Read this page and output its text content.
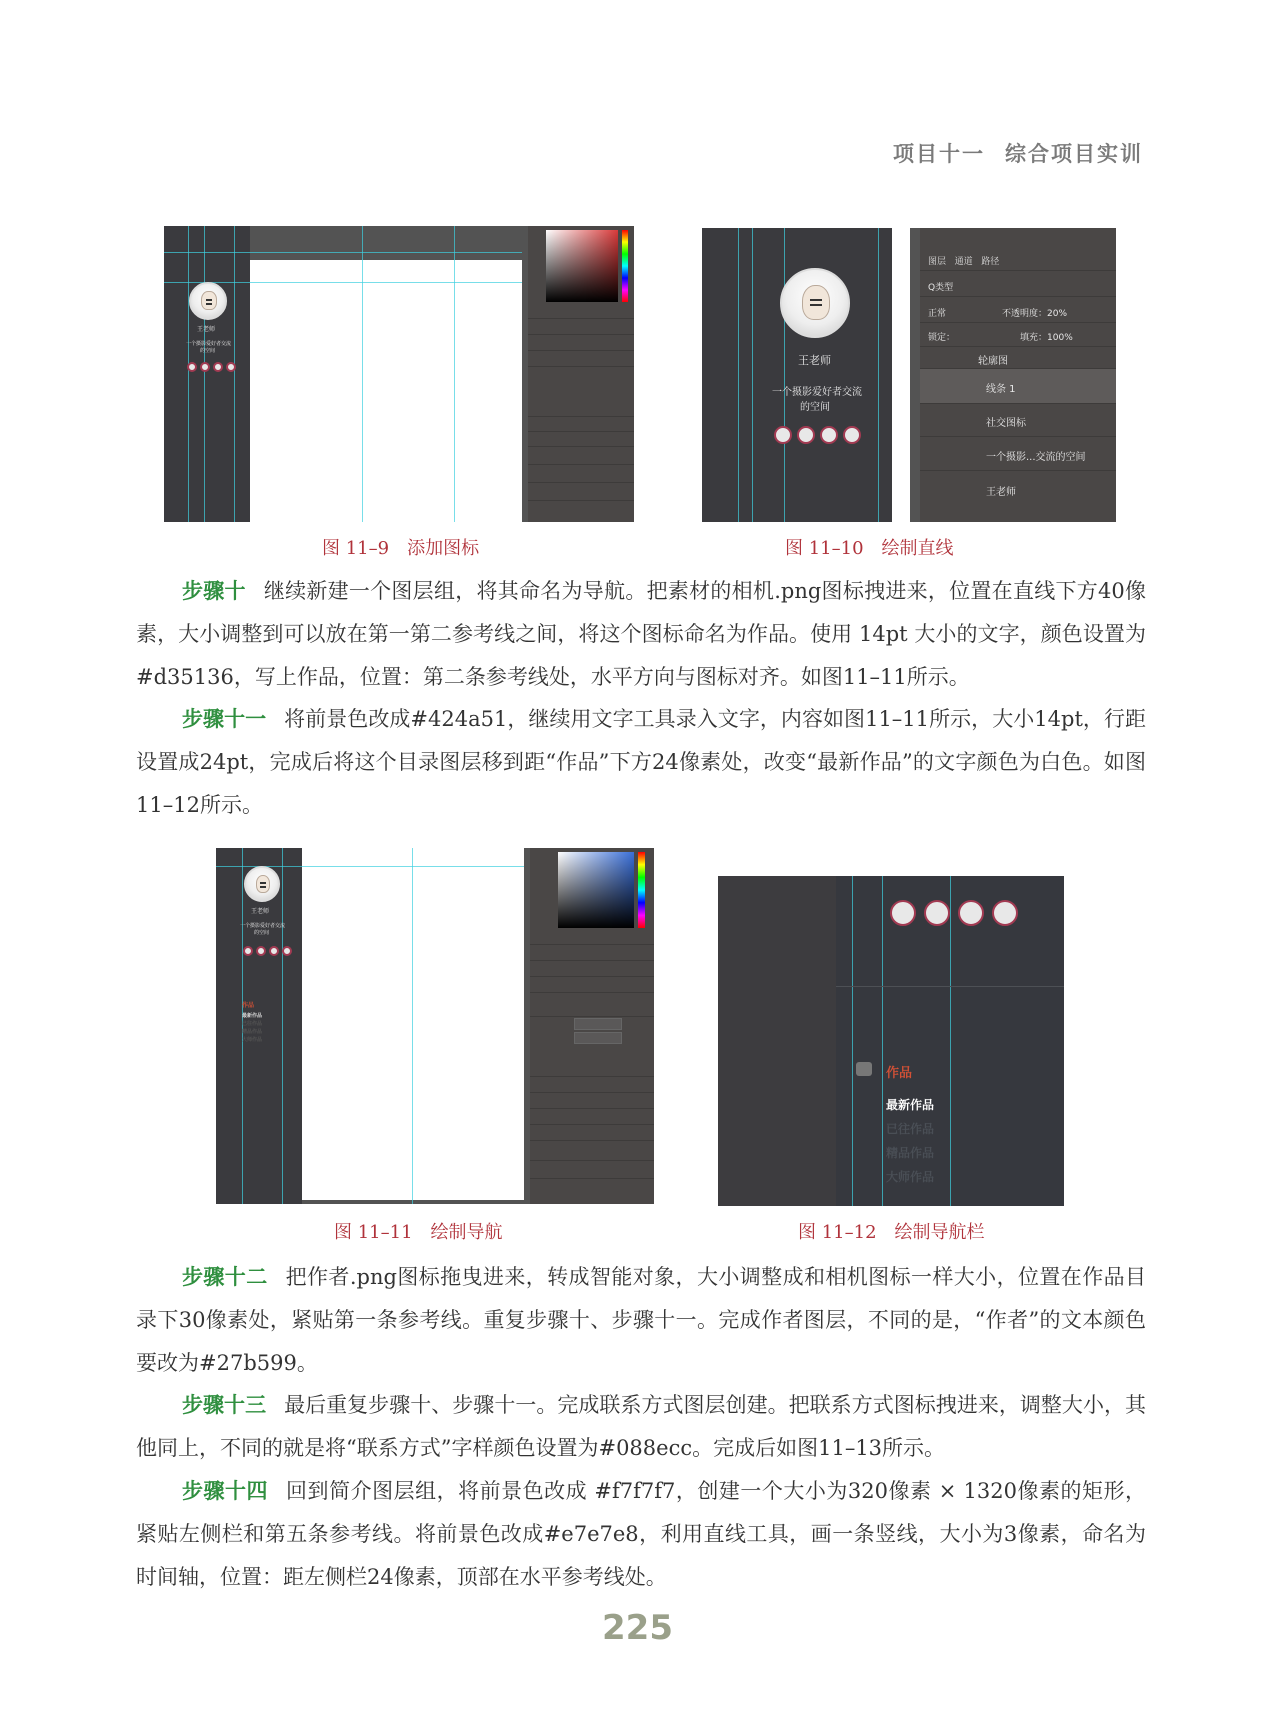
项目十一 综合项目实训
王老师
一个摄影爱好者交流
的空间
图 11–9 添加图标
王老师
一个摄影爱好者交流
的空间
图层 通道 路径
Q类型
正常	不透明度：20%
锁定：	填充：100%
轮廓图
线条 1
社交图标
一个摄影...交流的空间
王老师
图 11–10 绘制直线
步骤十 继续新建一个图层组，将其命名为导航。把素材的相机.png图标拽进来，位置在直线下方40像素，大小调整到可以放在第一第二参考线之间，将这个图标命名为作品。使用 14pt 大小的文字，颜色设置为#d35136，写上作品，位置：第二条参考线处，水平方向与图标对齐。如图11–11所示。
步骤十一 将前景色改成#424a51，继续用文字工具录入文字，内容如图11–11所示，大小14pt，行距设置成24pt，完成后将这个目录图层移到距“作品”下方24像素处，改变“最新作品”的文字颜色为白色。如图11–12所示。
王老师
一个摄影爱好者交流
的空间
作品
最新作品
已往作品
精品作品
大师作品
图 11–11 绘制导航
作品
最新作品
已往作品
精品作品
大师作品
图 11–12 绘制导航栏
步骤十二 把作者.png图标拖曳进来，转成智能对象，大小调整成和相机图标一样大小，位置在作品目录下30像素处，紧贴第一条参考线。重复步骤十、步骤十一。完成作者图层，不同的是，“作者”的文本颜色要改为#27b599。
步骤十三 最后重复步骤十、步骤十一。完成联系方式图层创建。把联系方式图标拽进来，调整大小，其他同上，不同的就是将“联系方式”字样颜色设置为#088ecc。完成后如图11–13所示。
步骤十四 回到简介图层组，将前景色改成 #f7f7f7，创建一个大小为320像素 × 1320像素的矩形，紧贴左侧栏和第五条参考线。将前景色改成#e7e7e8，利用直线工具，画一条竖线，大小为3像素，命名为时间轴，位置：距左侧栏24像素，顶部在水平参考线处。
225
